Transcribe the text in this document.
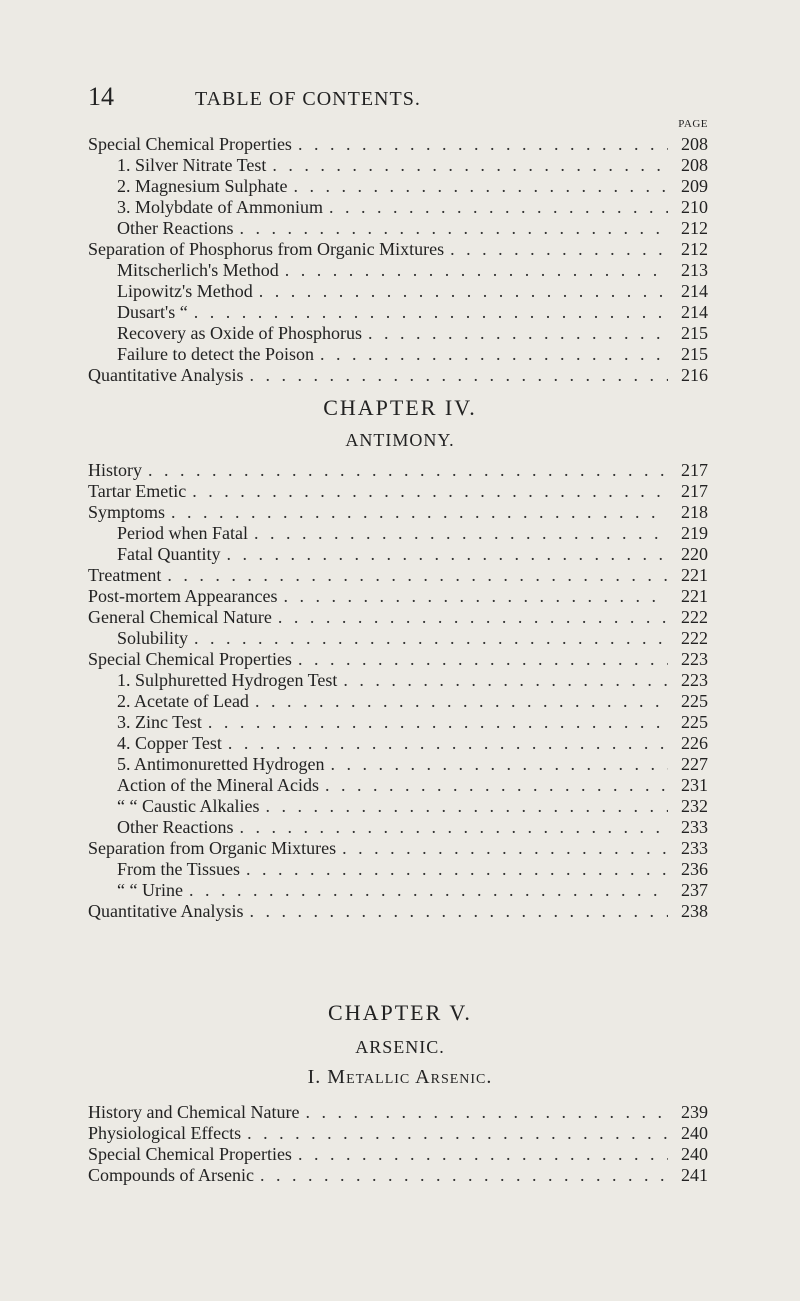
14	TABLE OF CONTENTS.
PAGE
Special Chemical Properties . . .	208
1. Silver Nitrate Test . . .	208
2. Magnesium Sulphate . . .	209
3. Molybdate of Ammonium . . .	210
Other Reactions . . .	212
Separation of Phosphorus from Organic Mixtures . . .	212
Mitscherlich's Method . . .	213
Lipowitz's Method . . .	214
Dusart's “ . . .	214
Recovery as Oxide of Phosphorus . . .	215
Failure to detect the Poison . . .	215
Quantitative Analysis . . .	216
CHAPTER IV.
ANTIMONY.
History . . .	217
Tartar Emetic . . .	217
Symptoms . . .	218
Period when Fatal . . .	219
Fatal Quantity . . .	220
Treatment . . .	221
Post-mortem Appearances . . .	221
General Chemical Nature . . .	222
Solubility . . .	222
Special Chemical Properties . . .	223
1. Sulphuretted Hydrogen Test . . .	223
2. Acetate of Lead . . .	225
3. Zinc Test . . .	225
4. Copper Test . . .	226
5. Antimonuretted Hydrogen . . .	227
Action of the Mineral Acids . . .	231
“ “ Caustic Alkalies . . .	232
Other Reactions . . .	233
Separation from Organic Mixtures . . .	233
From the Tissues . . .	236
“ “ Urine . . .	237
Quantitative Analysis . . .	238
CHAPTER V.
ARSENIC.
I. Metallic Arsenic.
History and Chemical Nature . . .	239
Physiological Effects . . .	240
Special Chemical Properties . . .	240
Compounds of Arsenic . . .	241
